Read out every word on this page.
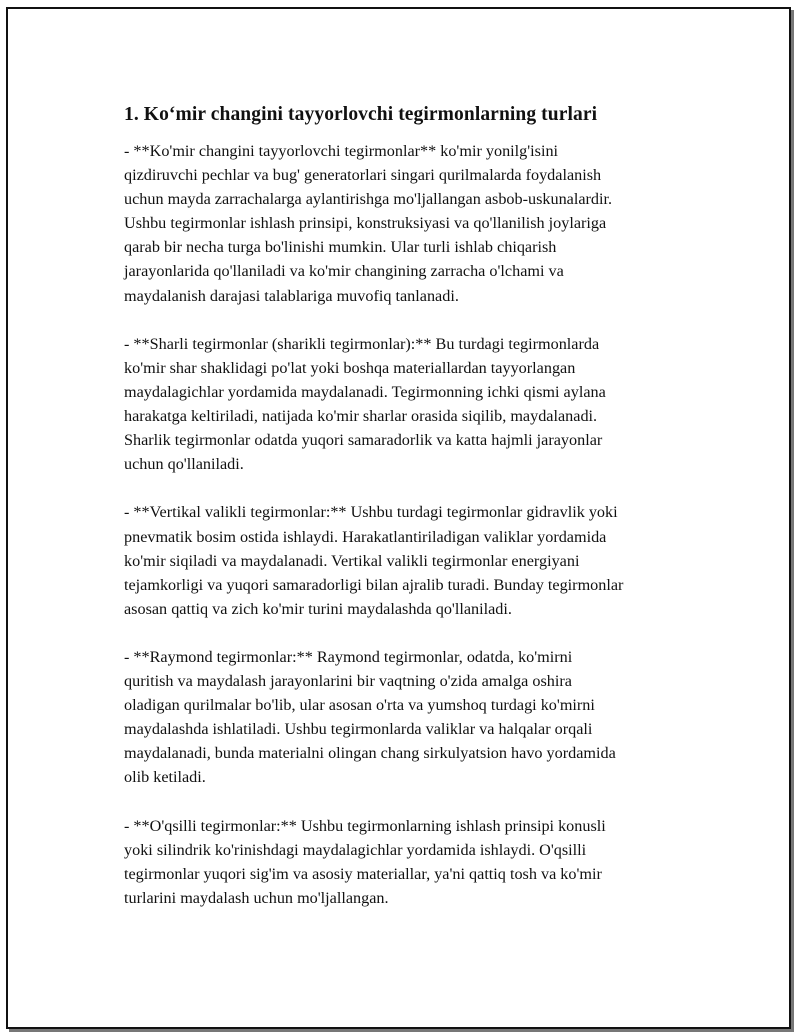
1. Ko‘mir changini tayyorlovchi tegirmonlarning turlari
- **Ko'mir changini tayyorlovchi tegirmonlar** ko'mir yonilg'isini
qizdiruvchi pechlar va bug' generatorlari singari qurilmalarda foydalanish
uchun mayda zarrachalarga aylantirishga mo'ljallangan asbob-uskunalardir.
Ushbu tegirmonlar ishlash prinsipi, konstruksiyasi va qo'llanilish joylariga
qarab bir necha turga bo'linishi mumkin. Ular turli ishlab chiqarish
jarayonlarida qo'llaniladi va ko'mir changining zarracha o'lchami va
maydalanish darajasi talablariga muvofiq tanlanadi.
- **Sharli tegirmonlar (sharikli tegirmonlar):** Bu turdagi tegirmonlarda
ko'mir shar shaklidagi po'lat yoki boshqa materiallardan tayyorlangan
maydalagichlar yordamida maydalanadi. Tegirmonning ichki qismi aylana
harakatga keltiriladi, natijada ko'mir sharlar orasida siqilib, maydalanadi.
Sharlik tegirmonlar odatda yuqori samaradorlik va katta hajmli jarayonlar
uchun qo'llaniladi.
- **Vertikal valikli tegirmonlar:** Ushbu turdagi tegirmonlar gidravlik yoki
pnevmatik bosim ostida ishlaydi. Harakatlantiriladigan valiklar yordamida
ko'mir siqiladi va maydalanadi. Vertikal valikli tegirmonlar energiyani
tejamkorligi va yuqori samaradorligi bilan ajralib turadi. Bunday tegirmonlar
asosan qattiq va zich ko'mir turini maydalashda qo'llaniladi.
- **Raymond tegirmonlar:** Raymond tegirmonlar, odatda, ko'mirni
quritish va maydalash jarayonlarini bir vaqtning o'zida amalga oshira
oladigan qurilmalar bo'lib, ular asosan o'rta va yumshoq turdagi ko'mirni
maydalashda ishlatiladi. Ushbu tegirmonlarda valiklar va halqalar orqali
maydalanadi, bunda materialni olingan chang sirkulyatsion havo yordamida
olib ketiladi.
- **O'qsilli tegirmonlar:** Ushbu tegirmonlarning ishlash prinsipi konusli
yoki silindrik ko'rinishdagi maydalagichlar yordamida ishlaydi. O'qsilli
tegirmonlar yuqori sig'im va asosiy materiallar, ya'ni qattiq tosh va ko'mir
turlarini maydalash uchun mo'ljallangan.
